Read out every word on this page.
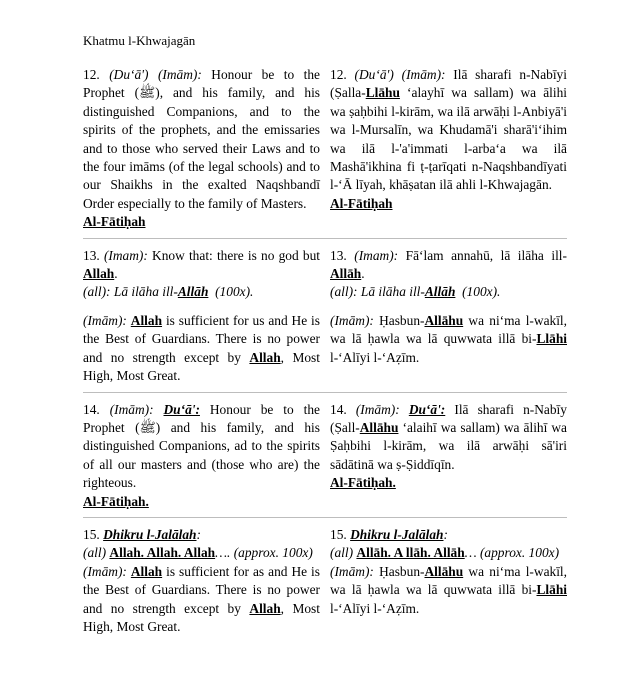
Khatmu l-Khwajagān

12. (Du‘ā') (Imām): Honour be to the Prophet (ﷺ), and his family, and his distinguished Companions, and to the spirits of the prophets, and the emissaries and to those who served their Laws and to the four imāms (of the legal schools) and to our Shaikhs in the exalted Naqshbandī Order especially to the family of Masters.

Al-Fātiḥah

12. (Du‘ā') (Imām): Ilā sharafi n-Nabīyi (Ṣalla-Llāhu ‘alayhī wa sallam) wa ālihi wa ṣaḥbihi l-kirām, wa ilā arwāḥi l-Anbiyā'i wa l-Mursalīn, wa Khudamā'i sharā'i‘ihim wa ilā l-'a'immati l-arba‘a wa ilā Mashā'ikhina fi ṭ-ṭarīqati n-Naqshbandīyati l-‘Ā līyah, khāṣatan ilā ahli l-Khwajagān.

Al-Fātiḥah

13. (Imam): Know that: there is no god but Allah.

(all): Lā ilāha ill-Allāh (100x).

(Imām): Allah is sufficient for us and He is the Best of Guardians. There is no power and no strength except by Allah, Most High, Most Great.

13. (Imam): Fā‘lam annahū, lā ilāha ill-Allāh.

(all): Lā ilāha ill-Allāh (100x).

(Imām): Ḥasbun-Allāhu wa ni‘ma l-wakīl, wa lā ḥawla wa lā quwwata illā bi-Llāhi l-‘Alīyi l-‘Aẓīm.

14. (Imām): Du‘ā': Honour be to the Prophet (ﷺ) and his family, and his distinguished Companions, ad to the spirits of all our masters and (those who are) the righteous.

Al-Fātiḥah.

14. (Imām): Du‘ā': Ilā sharafi n-Nabīy (Ṣall-Allāhu ‘alaihī wa sallam) wa ālihī wa Ṣaḥbihi l-kirām, wa ilā arwāḥi sā'iri sādātinā wa ṣ-Ṣiddīqīn.

Al-Fātiḥah.

15. Dhikru l-Jalālah:

(all) Allah. Allah. Allah…. (approx. 100x)

(Imām): Allah is sufficient for as and He is the Best of Guardians. There is no power and no strength except by Allah, Most High, Most Great.

15. Dhikru l-Jalālah:

(all) Allāh. A llāh. Allāh… (approx. 100x)

(Imām): Ḥasbun-Allāhu wa ni‘ma l-wakīl, wa lā ḥawla wa lā quwwata illā bi-Llāhi l-‘Alīyi l-‘Aẓīm.
